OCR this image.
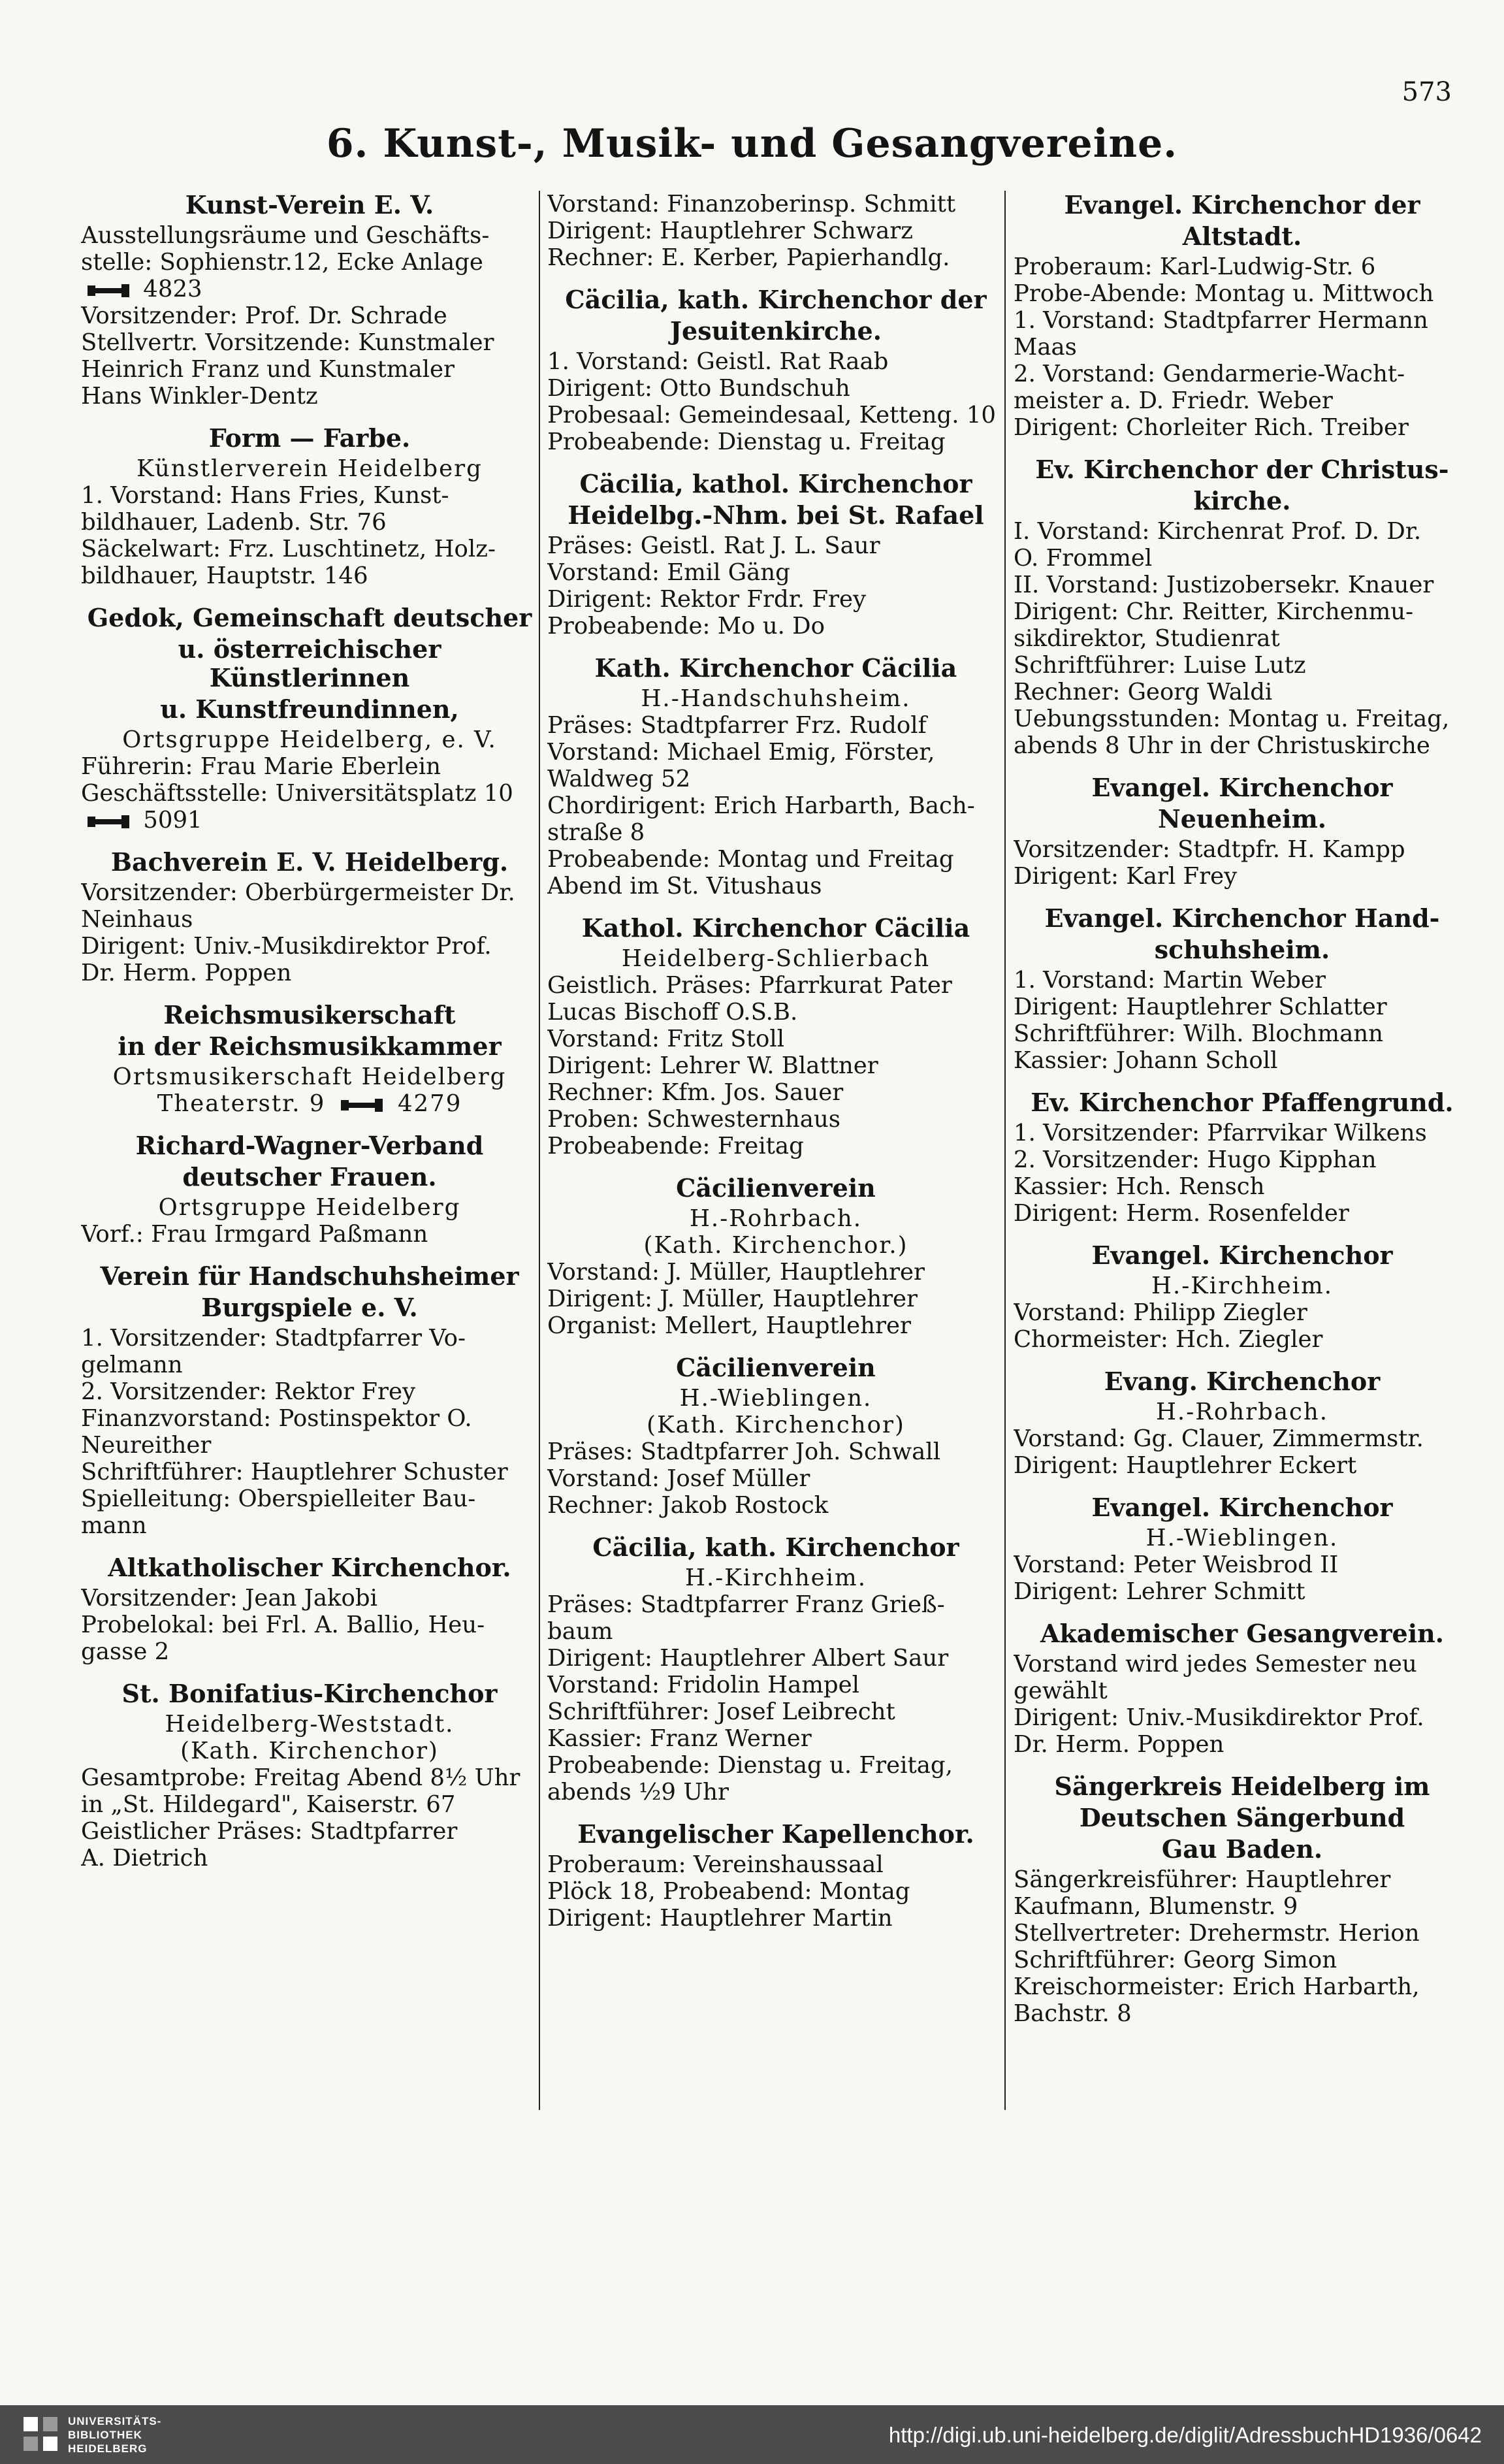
573
6. Kunst-, Musik- und Gesangvereine.
Kunst-Verein E. V.
Ausstellungsräume und Geschäfts-
stelle: Sophienstr.12, Ecke Anlage
4823
Vorsitzender: Prof. Dr. Schrade
Stellvertr. Vorsitzende: Kunstmaler
Heinrich Franz und Kunstmaler
Hans Winkler-Dentz
Form — Farbe.
Künstlerverein Heidelberg
1. Vorstand: Hans Fries, Kunst-
bildhauer, Ladenb. Str. 76
Säckelwart: Frz. Luschtinetz, Holz-
bildhauer, Hauptstr. 146
Gedok, Gemeinschaft deutscher
u. österreichischer Künstlerinnen
u. Kunstfreundinnen,
Ortsgruppe Heidelberg, e. V.
Führerin: Frau Marie Eberlein
Geschäftsstelle: Universitätsplatz 10
5091
Bachverein E. V. Heidelberg.
Vorsitzender: Oberbürgermeister Dr.
Neinhaus
Dirigent: Univ.-Musikdirektor Prof.
Dr. Herm. Poppen
Reichsmusikerschaft
in der Reichsmusikkammer
Ortsmusikerschaft Heidelberg
Theaterstr. 9
4279
Richard-Wagner-Verband
deutscher Frauen.
Ortsgruppe Heidelberg
Vorf.: Frau Irmgard Paßmann
Verein für Handschuhsheimer
Burgspiele e. V.
1. Vorsitzender: Stadtpfarrer Vo-
gelmann
2. Vorsitzender: Rektor Frey
Finanzvorstand: Postinspektor O.
Neureither
Schriftführer: Hauptlehrer Schuster
Spielleitung: Oberspielleiter Bau-
mann
Altkatholischer Kirchenchor.
Vorsitzender: Jean Jakobi
Probelokal: bei Frl. A. Ballio, Heu-
gasse 2
St. Bonifatius-Kirchenchor
Heidelberg-Weststadt.
(Kath. Kirchenchor)
Gesamtprobe: Freitag Abend 8½ Uhr
in „St. Hildegard", Kaiserstr. 67
Geistlicher Präses: Stadtpfarrer
A. Dietrich
Vorstand: Finanzoberinsp. Schmitt
Dirigent: Hauptlehrer Schwarz
Rechner: E. Kerber, Papierhandlg.
Cäcilia, kath. Kirchenchor der
Jesuitenkirche.
1. Vorstand: Geistl. Rat Raab
Dirigent: Otto Bundschuh
Probesaal: Gemeindesaal, Ketteng. 10
Probeabende: Dienstag u. Freitag
Cäcilia, kathol. Kirchenchor
Heidelbg.-Nhm. bei St. Rafael
Präses: Geistl. Rat J. L. Saur
Vorstand: Emil Gäng
Dirigent: Rektor Frdr. Frey
Probeabende: Mo u. Do
Kath. Kirchenchor Cäcilia
H.-Handschuhsheim.
Präses: Stadtpfarrer Frz. Rudolf
Vorstand: Michael Emig, Förster,
Waldweg 52
Chordirigent: Erich Harbarth, Bach-
straße 8
Probeabende: Montag und Freitag
Abend im St. Vitushaus
Kathol. Kirchenchor Cäcilia
Heidelberg-Schlierbach
Geistlich. Präses: Pfarrkurat Pater
Lucas Bischoff O.S.B.
Vorstand: Fritz Stoll
Dirigent: Lehrer W. Blattner
Rechner: Kfm. Jos. Sauer
Proben: Schwesternhaus
Probeabende: Freitag
Cäcilienverein
H.-Rohrbach.
(Kath. Kirchenchor.)
Vorstand: J. Müller, Hauptlehrer
Dirigent: J. Müller, Hauptlehrer
Organist: Mellert, Hauptlehrer
Cäcilienverein
H.-Wieblingen.
(Kath. Kirchenchor)
Präses: Stadtpfarrer Joh. Schwall
Vorstand: Josef Müller
Rechner: Jakob Rostock
Cäcilia, kath. Kirchenchor
H.-Kirchheim.
Präses: Stadtpfarrer Franz Grieß-
baum
Dirigent: Hauptlehrer Albert Saur
Vorstand: Fridolin Hampel
Schriftführer: Josef Leibrecht
Kassier: Franz Werner
Probeabende: Dienstag u. Freitag,
abends ½9 Uhr
Evangelischer Kapellenchor.
Proberaum: Vereinshaussaal
Plöck 18, Probeabend: Montag
Dirigent: Hauptlehrer Martin
Evangel. Kirchenchor der
Altstadt.
Proberaum: Karl-Ludwig-Str. 6
Probe-Abende: Montag u. Mittwoch
1. Vorstand: Stadtpfarrer Hermann
Maas
2. Vorstand: Gendarmerie-Wacht-
meister a. D. Friedr. Weber
Dirigent: Chorleiter Rich. Treiber
Ev. Kirchenchor der Christus-
kirche.
I. Vorstand: Kirchenrat Prof. D. Dr.
O. Frommel
II. Vorstand: Justizobersekr. Knauer
Dirigent: Chr. Reitter, Kirchenmu-
sikdirektor, Studienrat
Schriftführer: Luise Lutz
Rechner: Georg Waldi
Uebungsstunden: Montag u. Freitag,
abends 8 Uhr in der Christuskirche
Evangel. Kirchenchor
Neuenheim.
Vorsitzender: Stadtpfr. H. Kampp
Dirigent: Karl Frey
Evangel. Kirchenchor Hand-
schuhsheim.
1. Vorstand: Martin Weber
Dirigent: Hauptlehrer Schlatter
Schriftführer: Wilh. Blochmann
Kassier: Johann Scholl
Ev. Kirchenchor Pfaffengrund.
1. Vorsitzender: Pfarrvikar Wilkens
2. Vorsitzender: Hugo Kipphan
Kassier: Hch. Rensch
Dirigent: Herm. Rosenfelder
Evangel. Kirchenchor
H.-Kirchheim.
Vorstand: Philipp Ziegler
Chormeister: Hch. Ziegler
Evang. Kirchenchor
H.-Rohrbach.
Vorstand: Gg. Clauer, Zimmermstr.
Dirigent: Hauptlehrer Eckert
Evangel. Kirchenchor
H.-Wieblingen.
Vorstand: Peter Weisbrod II
Dirigent: Lehrer Schmitt
Akademischer Gesangverein.
Vorstand wird jedes Semester neu
gewählt
Dirigent: Univ.-Musikdirektor Prof.
Dr. Herm. Poppen
Sängerkreis Heidelberg im
Deutschen Sängerbund
Gau Baden.
Sängerkreisführer: Hauptlehrer
Kaufmann, Blumenstr. 9
Stellvertreter: Drehermstr. Herion
Schriftführer: Georg Simon
Kreischormeister: Erich Harbarth,
Bachstr. 8
UNIVERSITÄTS-
BIBLIOTHEK
HEIDELBERG
http://digi.ub.uni-heidelberg.de/diglit/AdressbuchHD1936/0642
